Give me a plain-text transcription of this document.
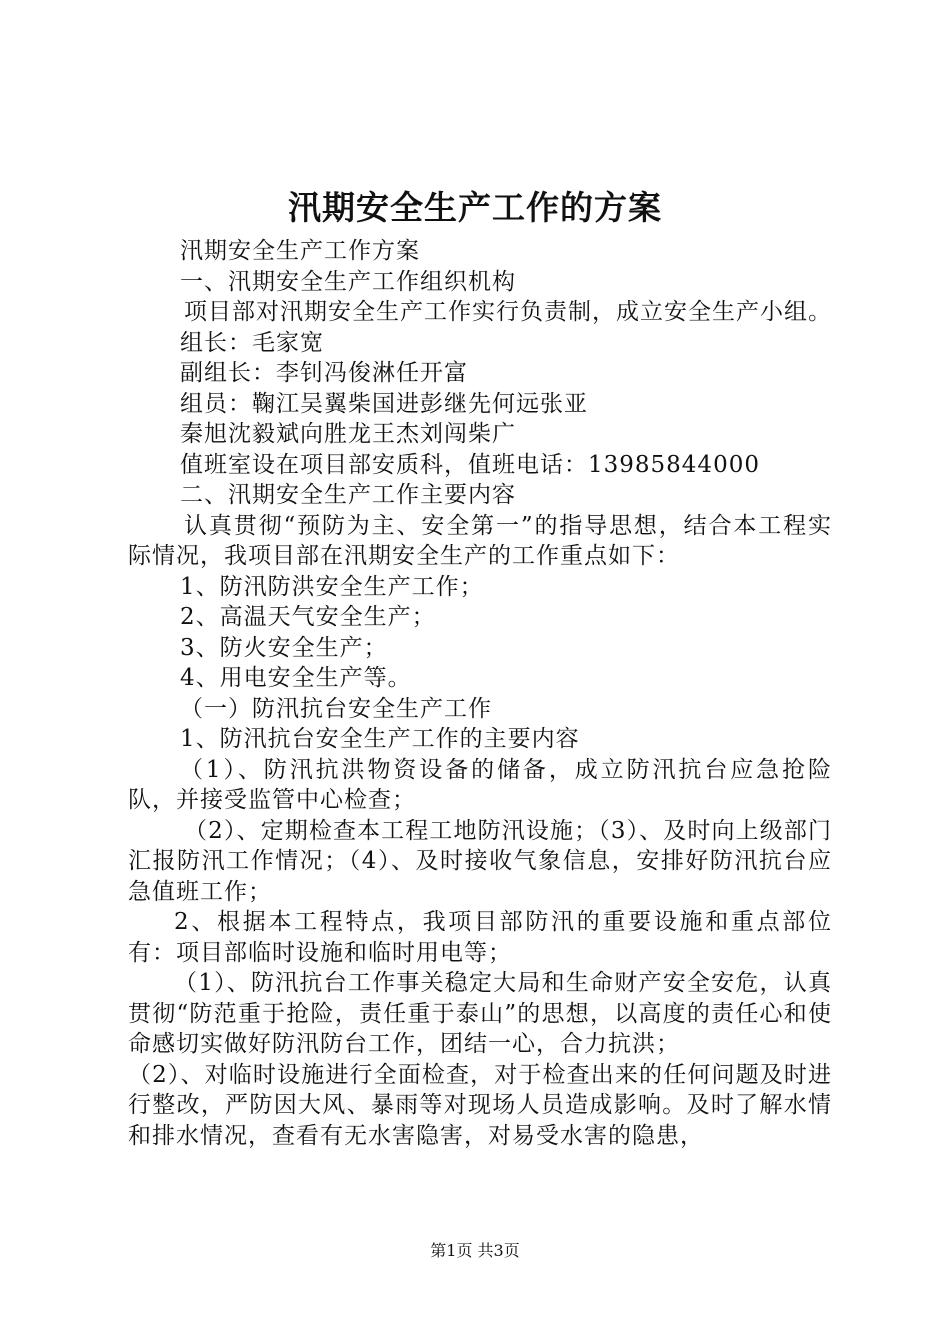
汛期安全生产工作的方案

汛期安全生产工作方案

一、汛期安全生产工作组织机构

项目部对汛期安全生产工作实行负责制，成立安全生产小组。

组长：毛家宽

副组长：李钊冯俊淋任开富

组员：鞠江吴翼柴国进彭继先何远张亚

秦旭沈毅斌向胜龙王杰刘闯柴广

值班室设在项目部安质科，值班电话：13985844000

二、汛期安全生产工作主要内容

认真贯彻“预防为主、安全第一”的指导思想，结合本工程实际情况，我项目部在汛期安全生产的工作重点如下：

1、防汛防洪安全生产工作；

2、高温天气安全生产；

3、防火安全生产；

4、用电安全生产等。

（一）防汛抗台安全生产工作

1、防汛抗台安全生产工作的主要内容

（1）、防汛抗洪物资设备的储备，成立防汛抗台应急抢险队，并接受监管中心检查；

（2）、定期检查本工程工地防汛设施；（3）、及时向上级部门汇报防汛工作情况；（4）、及时接收气象信息，安排好防汛抗台应急值班工作；

2、根据本工程特点，我项目部防汛的重要设施和重点部位有：项目部临时设施和临时用电等；

（1）、防汛抗台工作事关稳定大局和生命财产安全安危，认真贯彻“防范重于抢险，责任重于泰山”的思想，以高度的责任心和使命感切实做好防汛防台工作，团结一心，合力抗洪；

（2）、对临时设施进行全面检查，对于检查出来的任何问题及时进行整改，严防因大风、暴雨等对现场人员造成影响。及时了解水情和排水情况，查看有无水害隐害，对易受水害的隐患，

第1页 共3页
